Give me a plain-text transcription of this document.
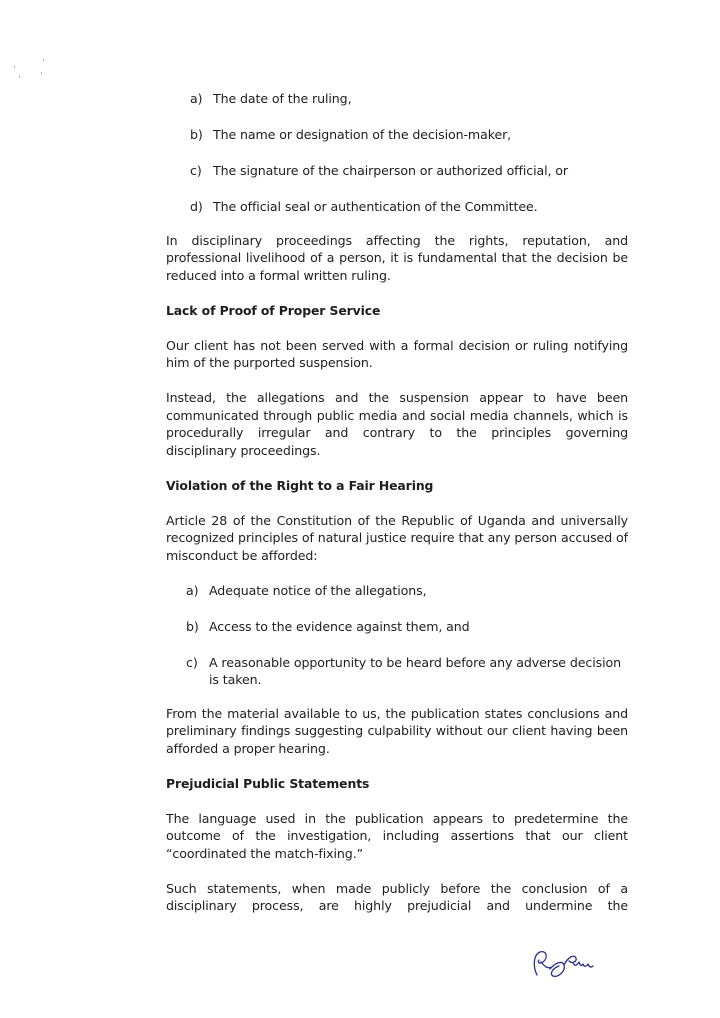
a) The date of the ruling,
b) The name or designation of the decision-maker,
c) The signature of the chairperson or authorized official, or
d) The official seal or authentication of the Committee.

In disciplinary proceedings affecting the rights, reputation, and professional livelihood of a person, it is fundamental that the decision be reduced into a formal written ruling.

Lack of Proof of Proper Service

Our client has not been served with a formal decision or ruling notifying him of the purported suspension.

Instead, the allegations and the suspension appear to have been communicated through public media and social media channels, which is procedurally irregular and contrary to the principles governing disciplinary proceedings.

Violation of the Right to a Fair Hearing

Article 28 of the Constitution of the Republic of Uganda and universally recognized principles of natural justice require that any person accused of misconduct be afforded:

a) Adequate notice of the allegations,
b) Access to the evidence against them, and
c) A reasonable opportunity to be heard before any adverse decision is taken.

From the material available to us, the publication states conclusions and preliminary findings suggesting culpability without our client having been afforded a proper hearing.

Prejudicial Public Statements

The language used in the publication appears to predetermine the outcome of the investigation, including assertions that our client “coordinated the match-fixing.”

Such statements, when made publicly before the conclusion of a disciplinary process, are highly prejudicial and undermine the
